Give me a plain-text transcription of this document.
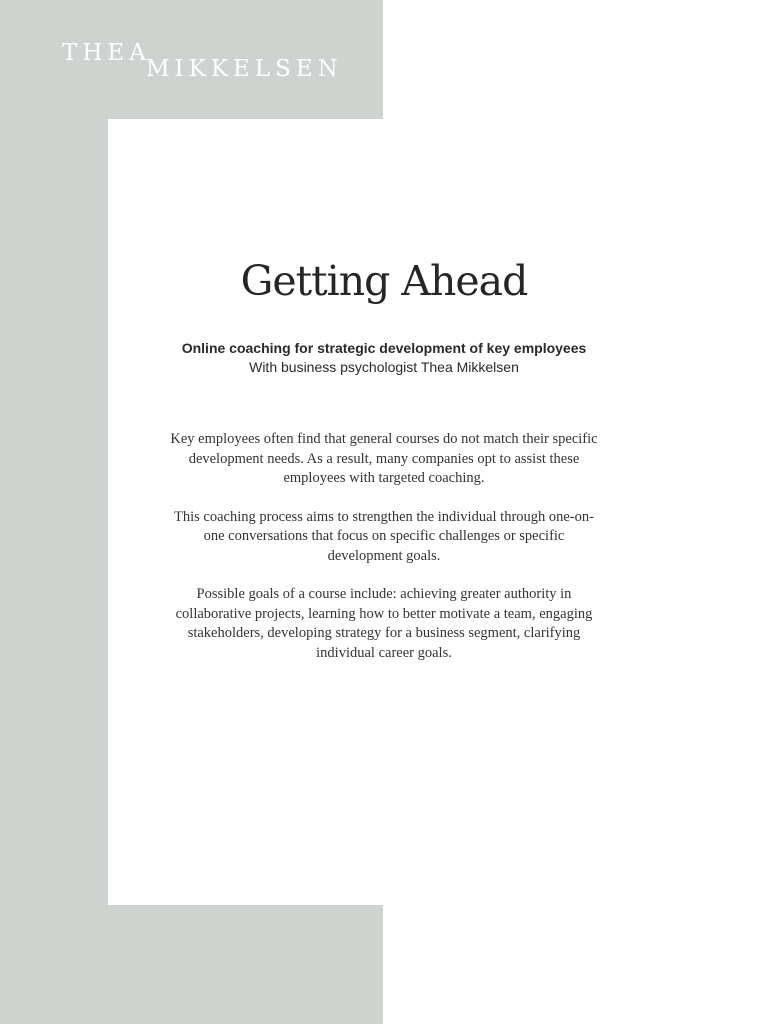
THEA
MIKKELSEN
Getting Ahead

Online coaching for strategic development of key employees

With business psychologist Thea Mikkelsen

Key employees often find that general courses do not match their specific development needs. As a result, many companies opt to assist these employees with targeted coaching.

This coaching process aims to strengthen the individual through one-on-one conversations that focus on specific challenges or specific development goals.

Possible goals of a course include: achieving greater authority in collaborative projects, learning how to better motivate a team, engaging stakeholders, developing strategy for a business segment, clarifying individual career goals.
